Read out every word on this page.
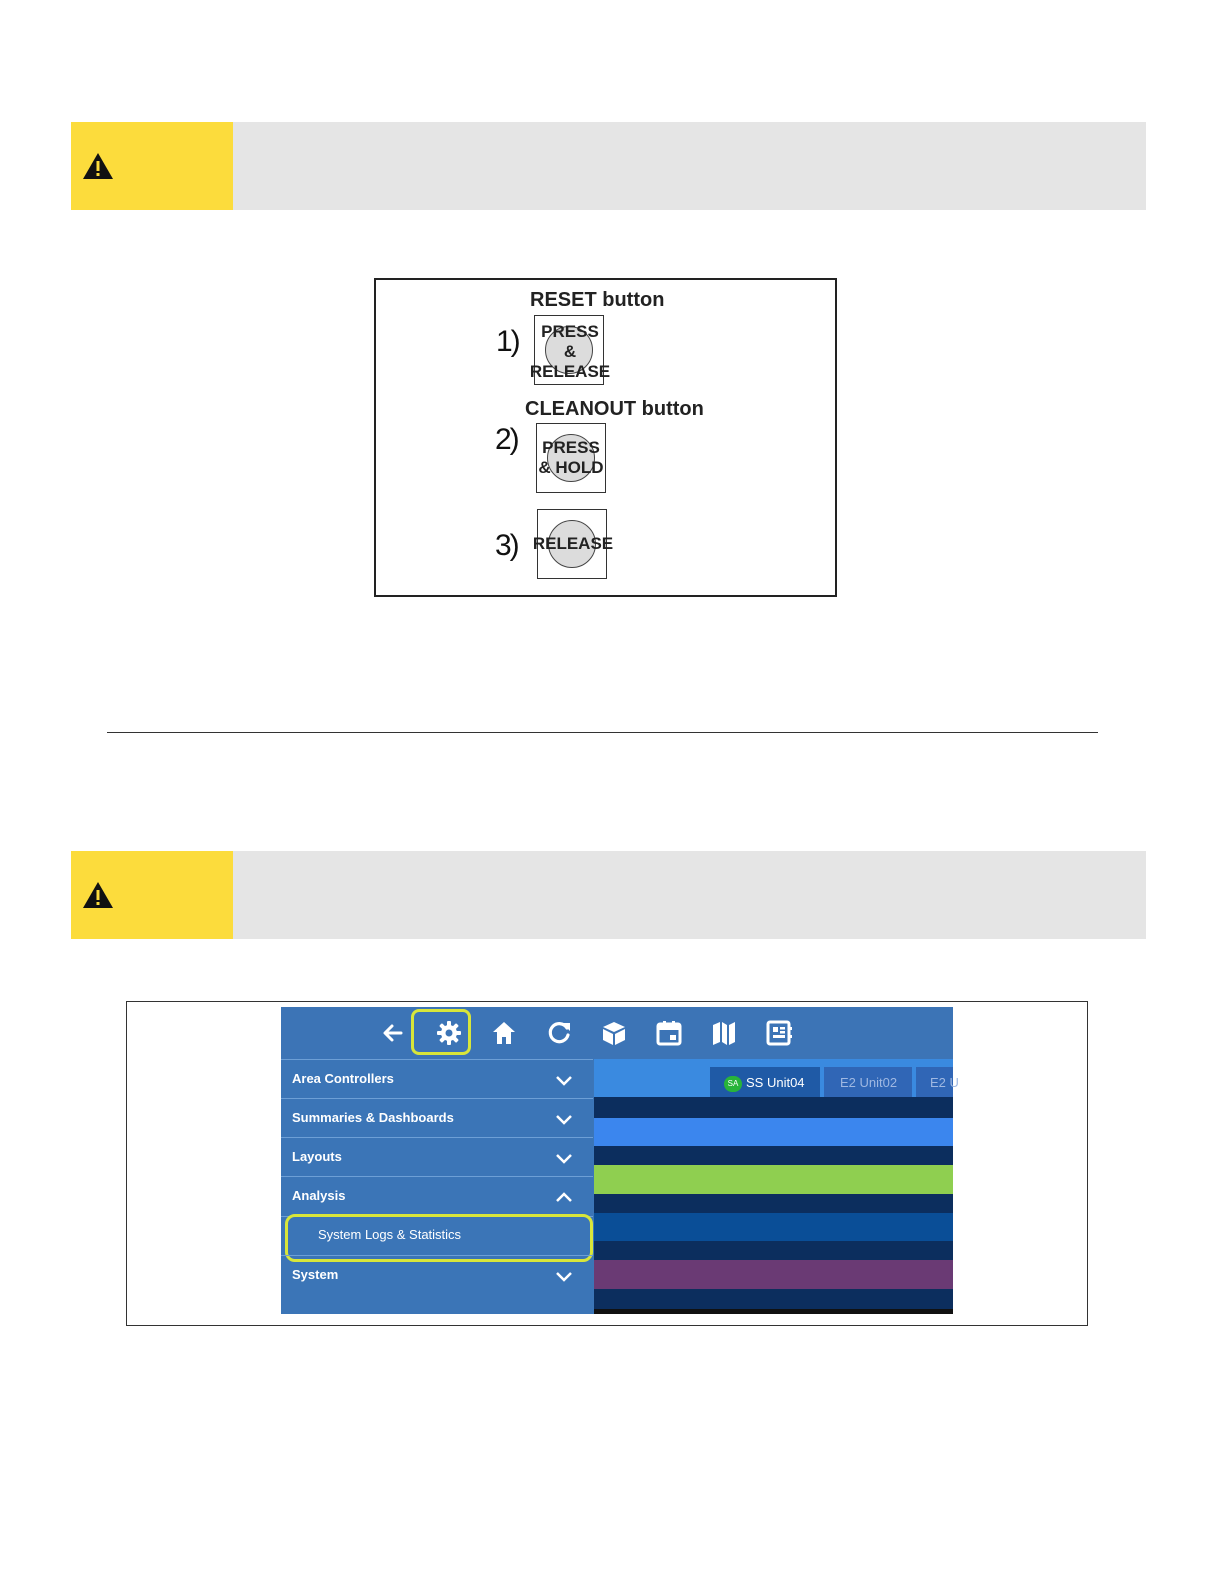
RESET button
1)	PRESS
&
RELEASE
CLEANOUT button
2)	PRESS
& HOLD
3) RELEASE
Area Controllers
Summaries & Dashboards
Layouts
Analysis
System Logs & Statistics
System
SA SS Unit04	E2 Unit02	E2 U
